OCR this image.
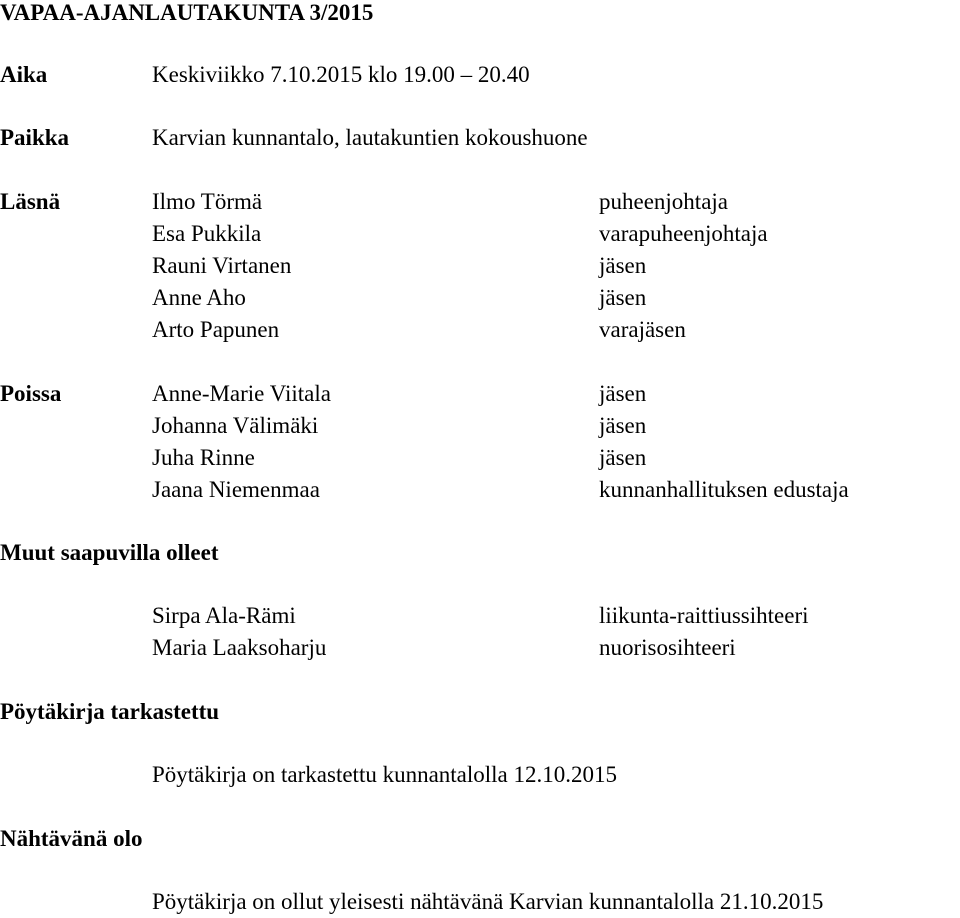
VAPAA-AJANLAUTAKUNTA 3/2015
Aika	Keskiviikko 7.10.2015 klo 19.00 – 20.40
Paikka	Karvian kunnantalo, lautakuntien kokoushuone
Läsnä	Ilmo Törmä	puheenjohtaja
Esa Pukkila	varapuheenjohtaja
Rauni Virtanen	jäsen
Anne Aho	jäsen
Arto Papunen	varajäsen
Poissa	Anne-Marie Viitala	jäsen
Johanna Välimäki	jäsen
Juha Rinne	jäsen
Jaana Niemenmaa	kunnanhallituksen edustaja
Muut saapuvilla olleet
Sirpa Ala-Rämi	liikunta-raittiussihteeri
Maria Laaksoharju	nuorisosihteeri
Pöytäkirja tarkastettu
Pöytäkirja on tarkastettu kunnantalolla 12.10.2015
Nähtävänä olo
Pöytäkirja on ollut yleisesti nähtävänä Karvian kunnantalolla 21.10.2015
